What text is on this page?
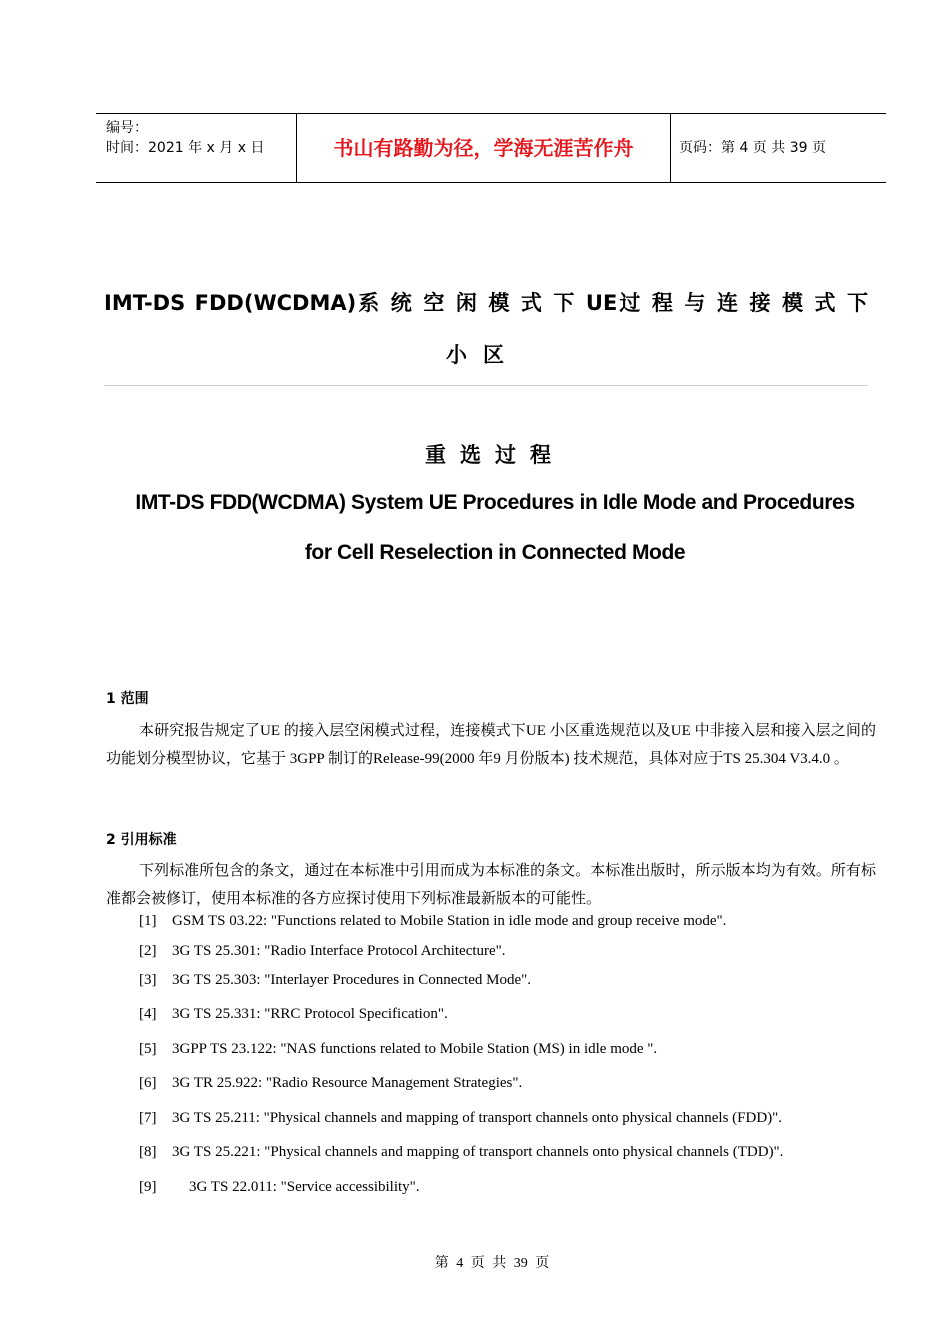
编号：
时间：2021 年 x 月 x 日	书山有路勤为径，学海无涯苦作舟	页码：第 4 页 共 39 页
IMT-DS FDD(WCDMA)系 统 空 闲 模 式 下 UE过 程 与 连 接 模 式 下
小区
重选过程
IMT-DS FDD(WCDMA) System UE Procedures in Idle Mode and Procedures
for Cell Reselection in Connected Mode
1 范围
本研究报告规定了UE 的接入层空闲模式过程，连接模式下UE 小区重选规范以及UE 中非接入层和接入层之间的功能划分模型协议，它基于 3GPP 制订的Release-99(2000 年9 月份版本) 技术规范，具体对应于TS 25.304 V3.4.0 。
2 引用标准
下列标准所包含的条文，通过在本标准中引用而成为本标准的条文。本标准出版时，所示版本均为有效。所有标准都会被修订，使用本标准的各方应探讨使用下列标准最新版本的可能性。
[1] GSM TS 03.22: "Functions related to Mobile Station in idle mode and group receive mode".
[2] 3G TS 25.301: "Radio Interface Protocol Architecture".
[3] 3G TS 25.303: "Interlayer Procedures in Connected Mode".
[4] 3G TS 25.331: "RRC Protocol Specification".
[5] 3GPP TS 23.122: "NAS functions related to Mobile Station (MS) in idle mode ".
[6] 3G TR 25.922: "Radio Resource Management Strategies".
[7] 3G TS 25.211: "Physical channels and mapping of transport channels onto physical channels (FDD)".
[8] 3G TS 25.221: "Physical channels and mapping of transport channels onto physical channels (TDD)".
[9] 3G TS 22.011: "Service accessibility".
第 4 页 共 39 页
